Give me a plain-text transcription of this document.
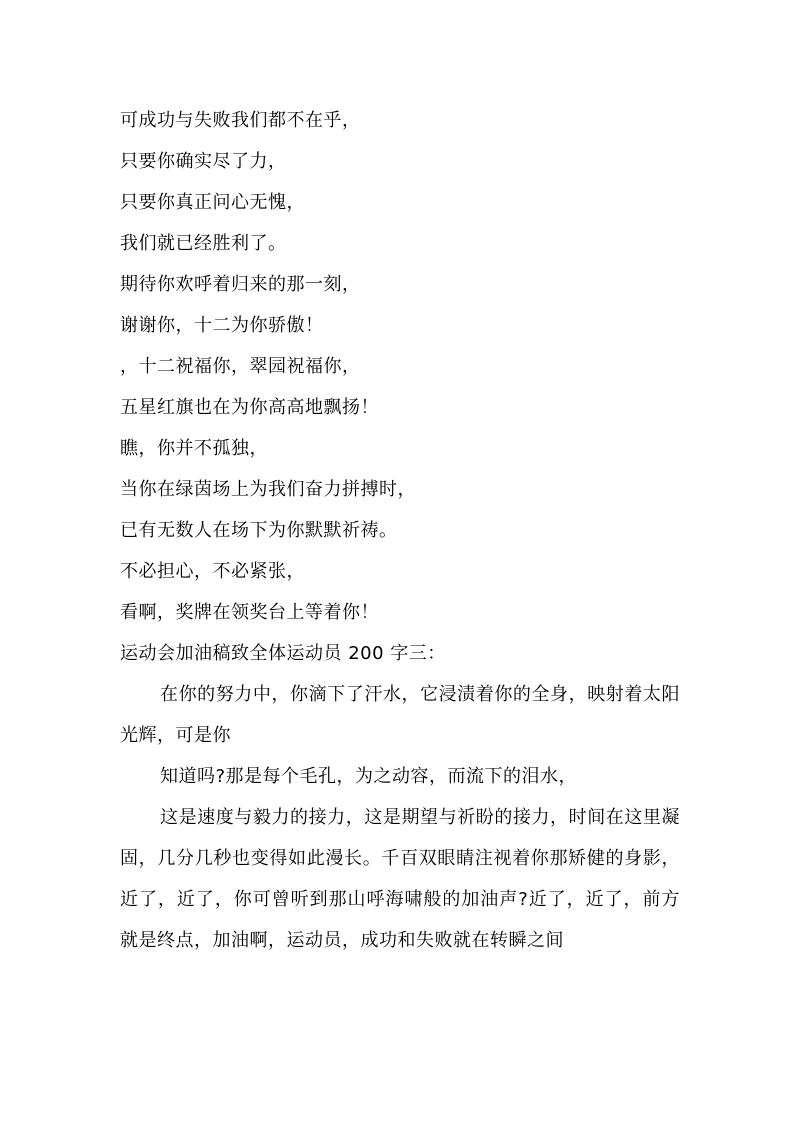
可成功与失败我们都不在乎，

只要你确实尽了力，

只要你真正问心无愧，

我们就已经胜利了。

期待你欢呼着归来的那一刻，

谢谢你，十二为你骄傲！

，十二祝福你，翠园祝福你，

五星红旗也在为你高高地飘扬！

瞧，你并不孤独，

当你在绿茵场上为我们奋力拼搏时，

已有无数人在场下为你默默祈祷。

不必担心，不必紧张，

看啊，奖牌在领奖台上等着你！

运动会加油稿致全体运动员 200 字三：

在你的努力中，你滴下了汗水，它浸渍着你的全身，映射着太阳光辉，可是你

知道吗?那是每个毛孔，为之动容，而流下的泪水，

这是速度与毅力的接力，这是期望与祈盼的接力，时间在这里凝固，几分几秒也变得如此漫长。千百双眼睛注视着你那矫健的身影，近了，近了，你可曾听到那山呼海啸般的加油声?近了，近了，前方就是终点，加油啊，运动员，成功和失败就在转瞬之间
